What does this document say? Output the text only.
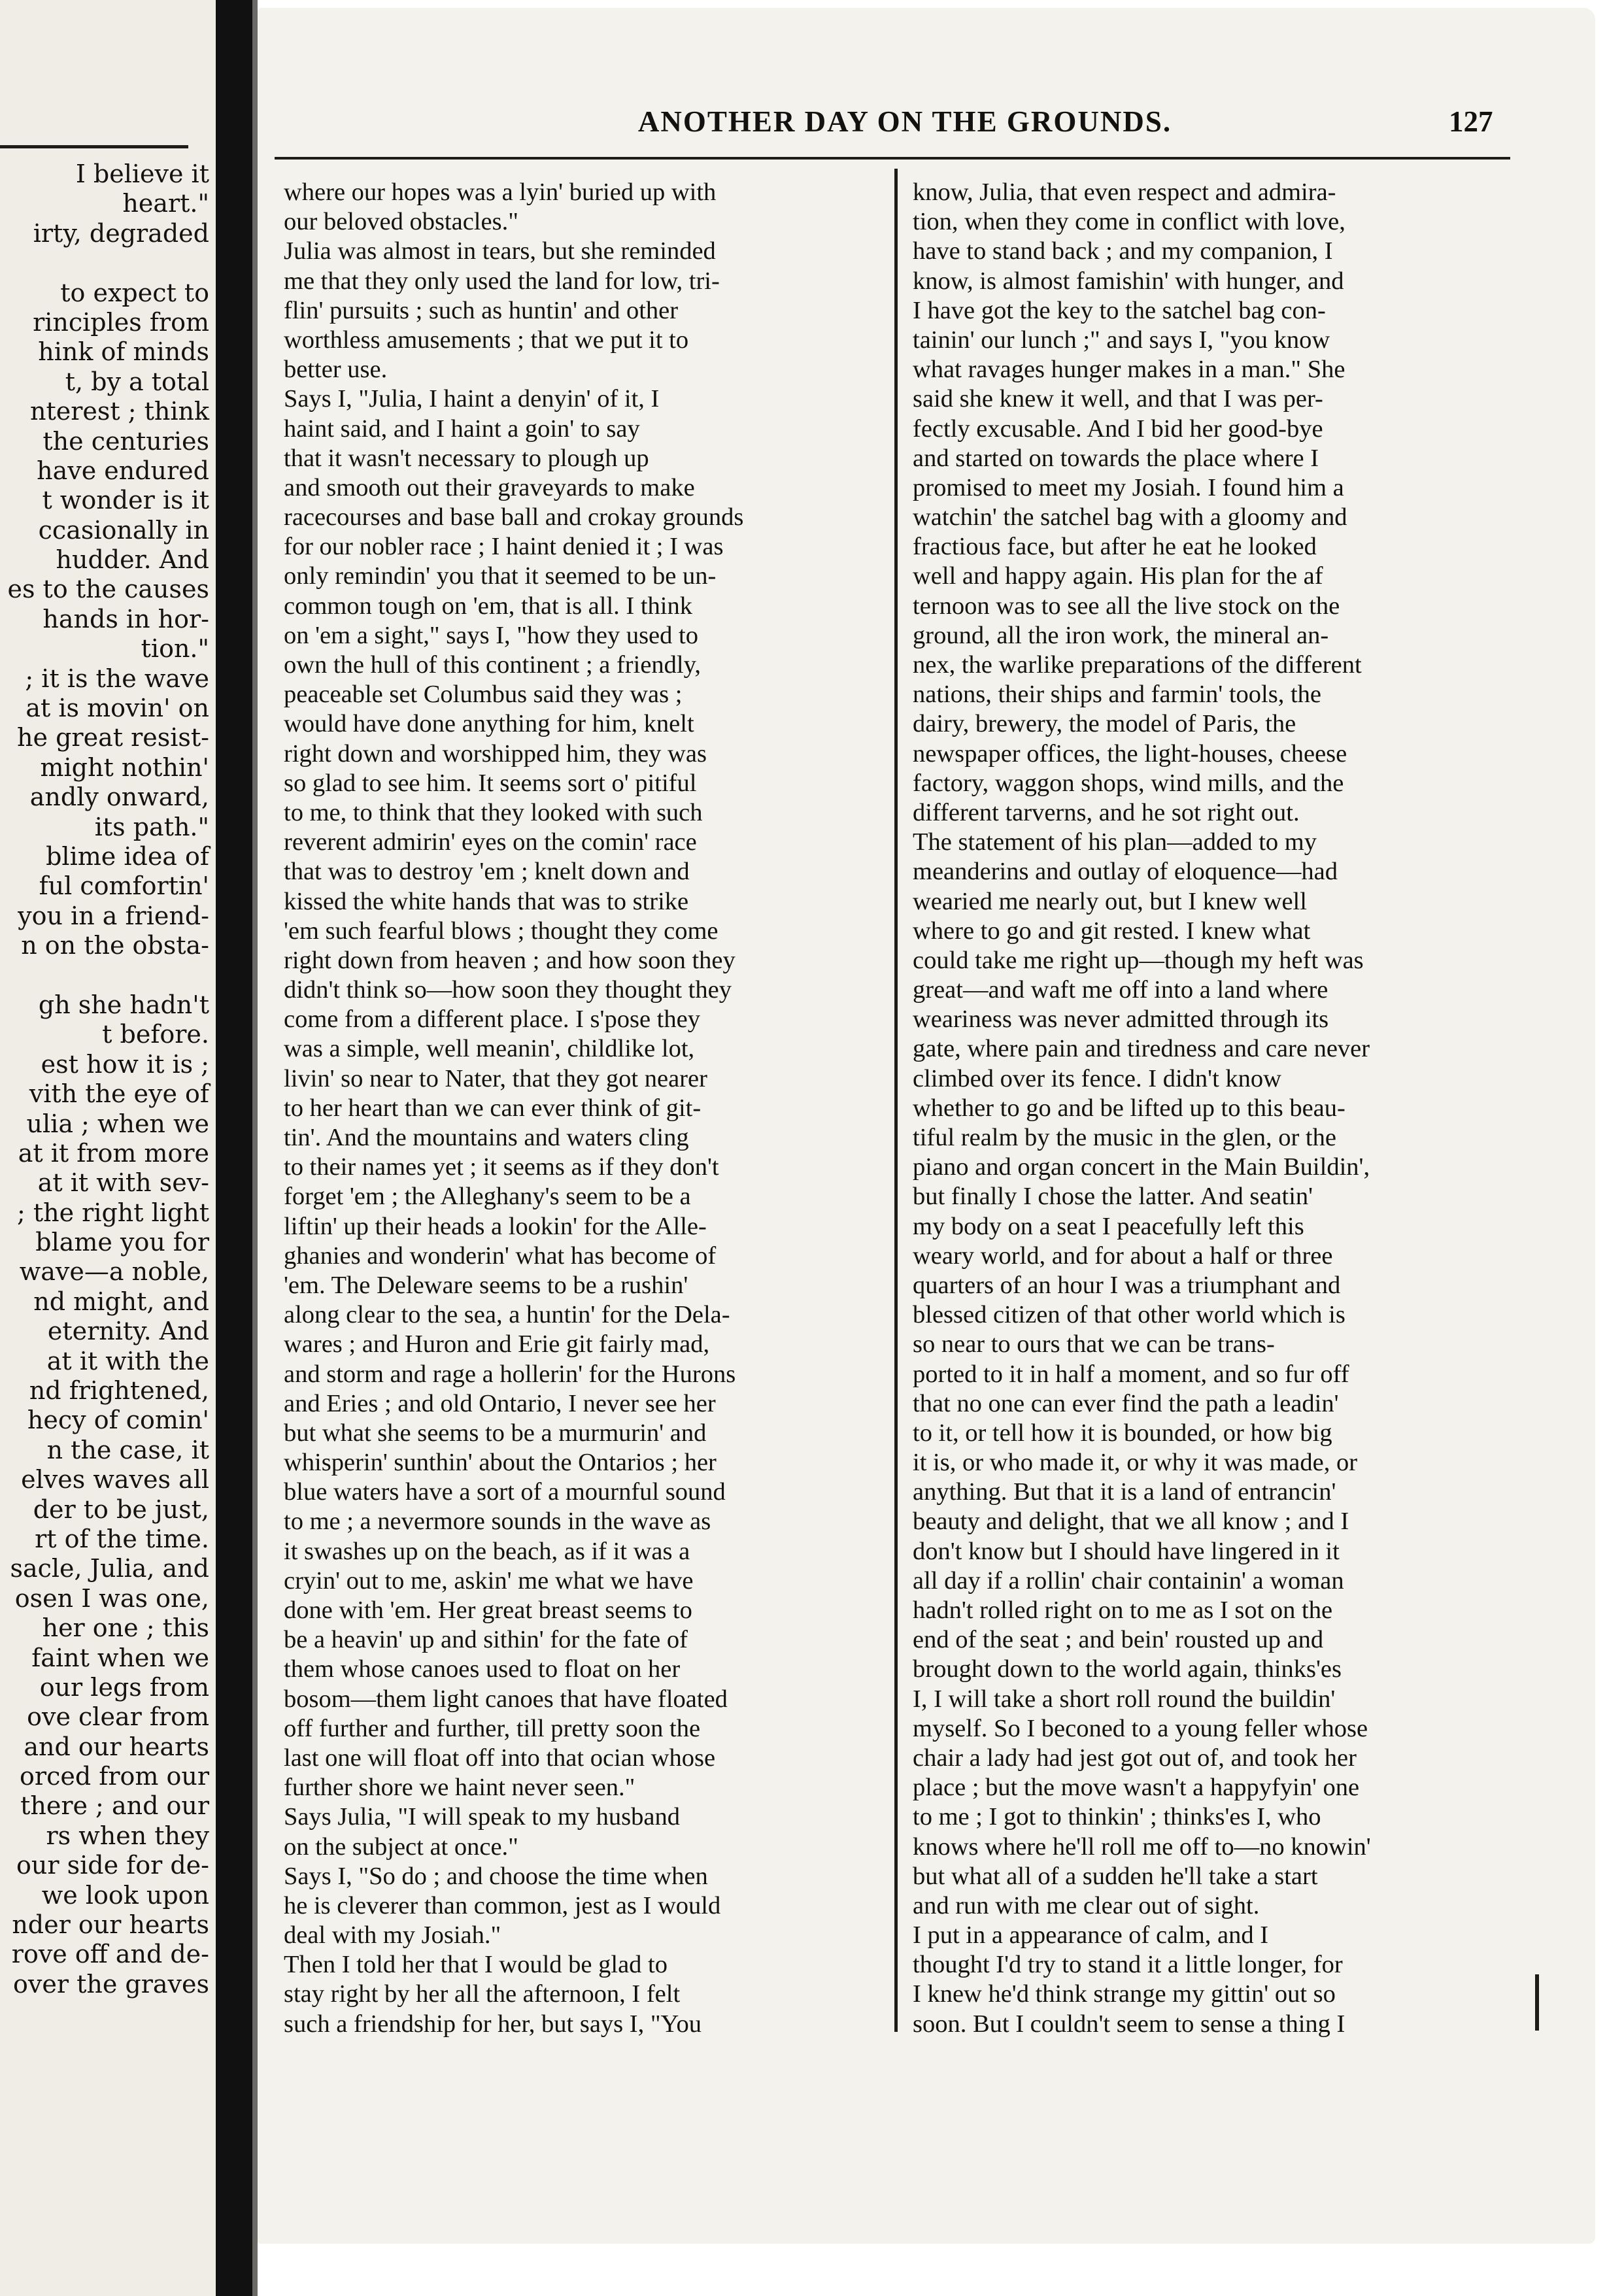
I believe it
heart."
irty, degraded
to expect to
rinciples from
hink of minds
t, by a total
nterest ; think
the centuries
have endured
t wonder is it
ccasionally in
hudder. And
es to the causes
hands in hor-
tion."
; it is the wave
at is movin' on
he great resist-
might nothin'
andly onward,
its path."
blime idea of
ful comfortin'
you in a friend-
n on the obsta-
gh she hadn't
t before.
est how it is ;
vith the eye of
ulia ; when we
at it from more
at it with sev-
; the right light
blame you for
wave—a noble,
nd might, and
eternity. And
at it with the
nd frightened,
hecy of comin'
n the case, it
elves waves all
der to be just,
rt of the time.
sacle, Julia, and
osen I was one,
her one ; this
faint when we
our legs from
ove clear from
and our hearts
orced from our
there ; and our
rs when they
our side for de-
we look upon
nder our hearts
rove off and de-
over the graves
ANOTHER DAY ON THE GROUNDS.	127
where our hopes was a lyin' buried up with
our beloved obstacles."
Julia was almost in tears, but she reminded
me that they only used the land for low, tri-
flin' pursuits ; such as huntin' and other
worthless amusements ; that we put it to
better use.
Says I, "Julia, I haint a denyin' of it, I
haint said, and I haint a goin' to say
that it wasn't necessary to plough up
and smooth out their graveyards to make
racecourses and base ball and crokay grounds
for our nobler race ; I haint denied it ; I was
only remindin' you that it seemed to be un-
common tough on 'em, that is all. I think
on 'em a sight," says I, "how they used to
own the hull of this continent ; a friendly,
peaceable set Columbus said they was ;
would have done anything for him, knelt
right down and worshipped him, they was
so glad to see him. It seems sort o' pitiful
to me, to think that they looked with such
reverent admirin' eyes on the comin' race
that was to destroy 'em ; knelt down and
kissed the white hands that was to strike
'em such fearful blows ; thought they come
right down from heaven ; and how soon they
didn't think so—how soon they thought they
come from a different place. I s'pose they
was a simple, well meanin', childlike lot,
livin' so near to Nater, that they got nearer
to her heart than we can ever think of git-
tin'. And the mountains and waters cling
to their names yet ; it seems as if they don't
forget 'em ; the Alleghany's seem to be a
liftin' up their heads a lookin' for the Alle-
ghanies and wonderin' what has become of
'em. The Deleware seems to be a rushin'
along clear to the sea, a huntin' for the Dela-
wares ; and Huron and Erie git fairly mad,
and storm and rage a hollerin' for the Hurons
and Eries ; and old Ontario, I never see her
but what she seems to be a murmurin' and
whisperin' sunthin' about the Ontarios ; her
blue waters have a sort of a mournful sound
to me ; a nevermore sounds in the wave as
it swashes up on the beach, as if it was a
cryin' out to me, askin' me what we have
done with 'em. Her great breast seems to
be a heavin' up and sithin' for the fate of
them whose canoes used to float on her
bosom—them light canoes that have floated
off further and further, till pretty soon the
last one will float off into that ocian whose
further shore we haint never seen."
Says Julia, "I will speak to my husband
on the subject at once."
Says I, "So do ; and choose the time when
he is cleverer than common, jest as I would
deal with my Josiah."
Then I told her that I would be glad to
stay right by her all the afternoon, I felt
such a friendship for her, but says I, "You
know, Julia, that even respect and admira-
tion, when they come in conflict with love,
have to stand back ; and my companion, I
know, is almost famishin' with hunger, and
I have got the key to the satchel bag con-
tainin' our lunch ;" and says I, "you know
what ravages hunger makes in a man." She
said she knew it well, and that I was per-
fectly excusable. And I bid her good-bye
and started on towards the place where I
promised to meet my Josiah. I found him a
watchin' the satchel bag with a gloomy and
fractious face, but after he eat he looked
well and happy again. His plan for the af
ternoon was to see all the live stock on the
ground, all the iron work, the mineral an-
nex, the warlike preparations of the different
nations, their ships and farmin' tools, the
dairy, brewery, the model of Paris, the
newspaper offices, the light-houses, cheese
factory, waggon shops, wind mills, and the
different tarverns, and he sot right out.
The statement of his plan—added to my
meanderins and outlay of eloquence—had
wearied me nearly out, but I knew well
where to go and git rested. I knew what
could take me right up—though my heft was
great—and waft me off into a land where
weariness was never admitted through its
gate, where pain and tiredness and care never
climbed over its fence. I didn't know
whether to go and be lifted up to this beau-
tiful realm by the music in the glen, or the
piano and organ concert in the Main Buildin',
but finally I chose the latter. And seatin'
my body on a seat I peacefully left this
weary world, and for about a half or three
quarters of an hour I was a triumphant and
blessed citizen of that other world which is
so near to ours that we can be trans-
ported to it in half a moment, and so fur off
that no one can ever find the path a leadin'
to it, or tell how it is bounded, or how big
it is, or who made it, or why it was made, or
anything. But that it is a land of entrancin'
beauty and delight, that we all know ; and I
don't know but I should have lingered in it
all day if a rollin' chair containin' a woman
hadn't rolled right on to me as I sot on the
end of the seat ; and bein' rousted up and
brought down to the world again, thinks'es
I, I will take a short roll round the buildin'
myself. So I beconed to a young feller whose
chair a lady had jest got out of, and took her
place ; but the move wasn't a happyfyin' one
to me ; I got to thinkin' ; thinks'es I, who
knows where he'll roll me off to—no knowin'
but what all of a sudden he'll take a start
and run with me clear out of sight.
I put in a appearance of calm, and I
thought I'd try to stand it a little longer, for
I knew he'd think strange my gittin' out so
soon. But I couldn't seem to sense a thing I
